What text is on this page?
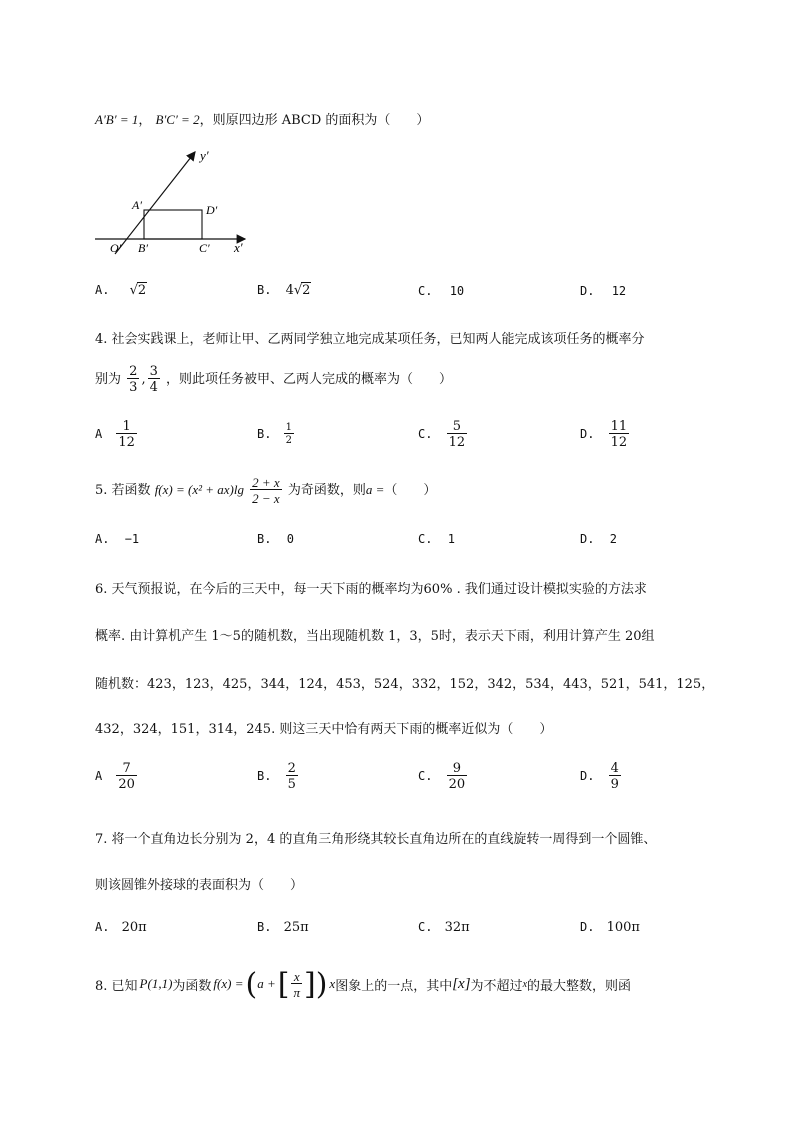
A′B′ = 1， B′C′ = 2，则原四边形 ABCD 的面积为（　　）
y′
A′	D′
O′ B′	C′ x′
A. √2	B. 4√2	C. 10	D. 12
4. 社会实践课上，老师让甲、乙两同学独立地完成某项任务，已知两人能完成该项任务的概率分
别为 $\frac{2}{3}$ , $\frac{3}{4}$ ，则此项任务被甲、乙两人完成的概率为（　　）
A $\frac{1}{12}$	B. $\frac{1}{2}$	C. $\frac{5}{12}$	D. $\frac{11}{12}$
5. 若函数 $f(x) = (x^2 + ax)\lg \frac{2 + x}{2 - x}$ 为奇函数，则a =（　　）
A. −1	B. 0	C. 1	D. 2
6. 天气预报说，在今后的三天中，每一天下雨的概率均为60% . 我们通过设计模拟实验的方法求
概率. 由计算机产生 1～5的随机数，当出现随机数 1，3，5时，表示天下雨，利用计算产生 20组
随机数：423，123，425，344，124，453，524，332，152，342，534，443，521，541，125，
432，324，151，314，245. 则这三天中恰有两天下雨的概率近似为（　　）
A $\frac{7}{20}$	B. $\frac{2}{5}$	C. $\frac{9}{20}$	D. $\frac{4}{9}$
7. 将一个直角边长分别为 2，4 的直角三角形绕其较长直角边所在的直线旋转一周得到一个圆锥、
则该圆锥外接球的表面积为（　　）
A. 20π	B. 25π	C. 32π	D. 100π
8. 已知 P(1,1) 为函数 f(x) = ( a + [ $\frac{x}{\pi}$ ] ) x 图象上的一点，其中 [x] 为不超过 x 的最大整数，则函
